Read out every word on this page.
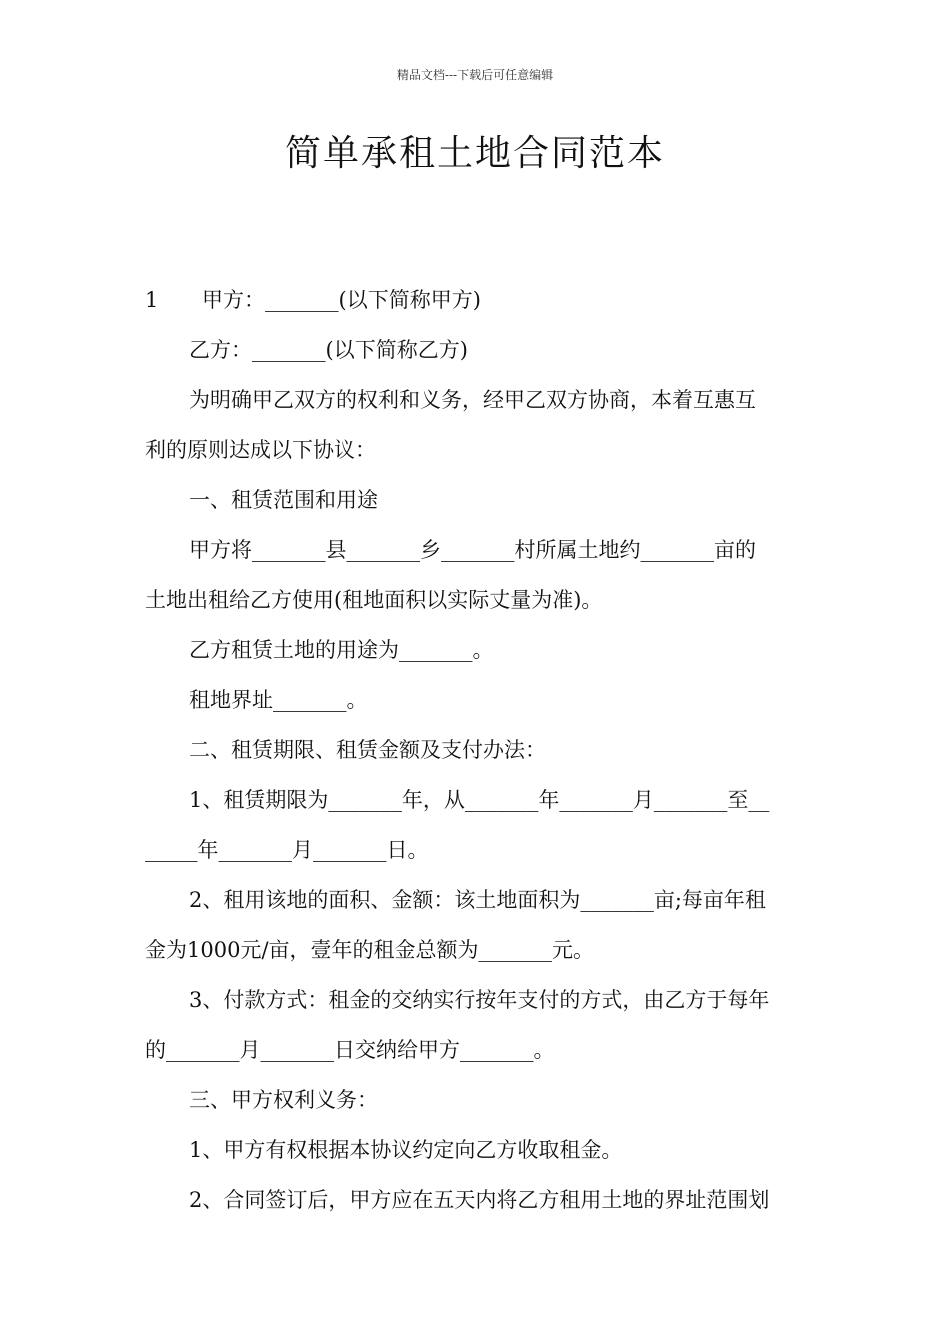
精品文档---下载后可任意编辑
简单承租土地合同范本
1 甲方：_______(以下简称甲方)
乙方：_______(以下简称乙方)
为明确甲乙双方的权利和义务，经甲乙双方协商，本着互惠互
利的原则达成以下协议：
一、租赁范围和用途
甲方将_______县_______乡_______村所属土地约_______亩的
土地出租给乙方使用(租地面积以实际丈量为准)。
乙方租赁土地的用途为_______。
租地界址_______。
二、租赁期限、租赁金额及支付办法：
1、租赁期限为_______年，从_______年_______月_______至__
_____年_______月_______日。
2、租用该地的面积、金额：该土地面积为_______亩;每亩年租
金为1000元/亩，壹年的租金总额为_______元。
3、付款方式：租金的交纳实行按年支付的方式，由乙方于每年
的_______月_______日交纳给甲方_______。
三、甲方权利义务：
1、甲方有权根据本协议约定向乙方收取租金。
2、合同签订后，甲方应在五天内将乙方租用土地的界址范围划
